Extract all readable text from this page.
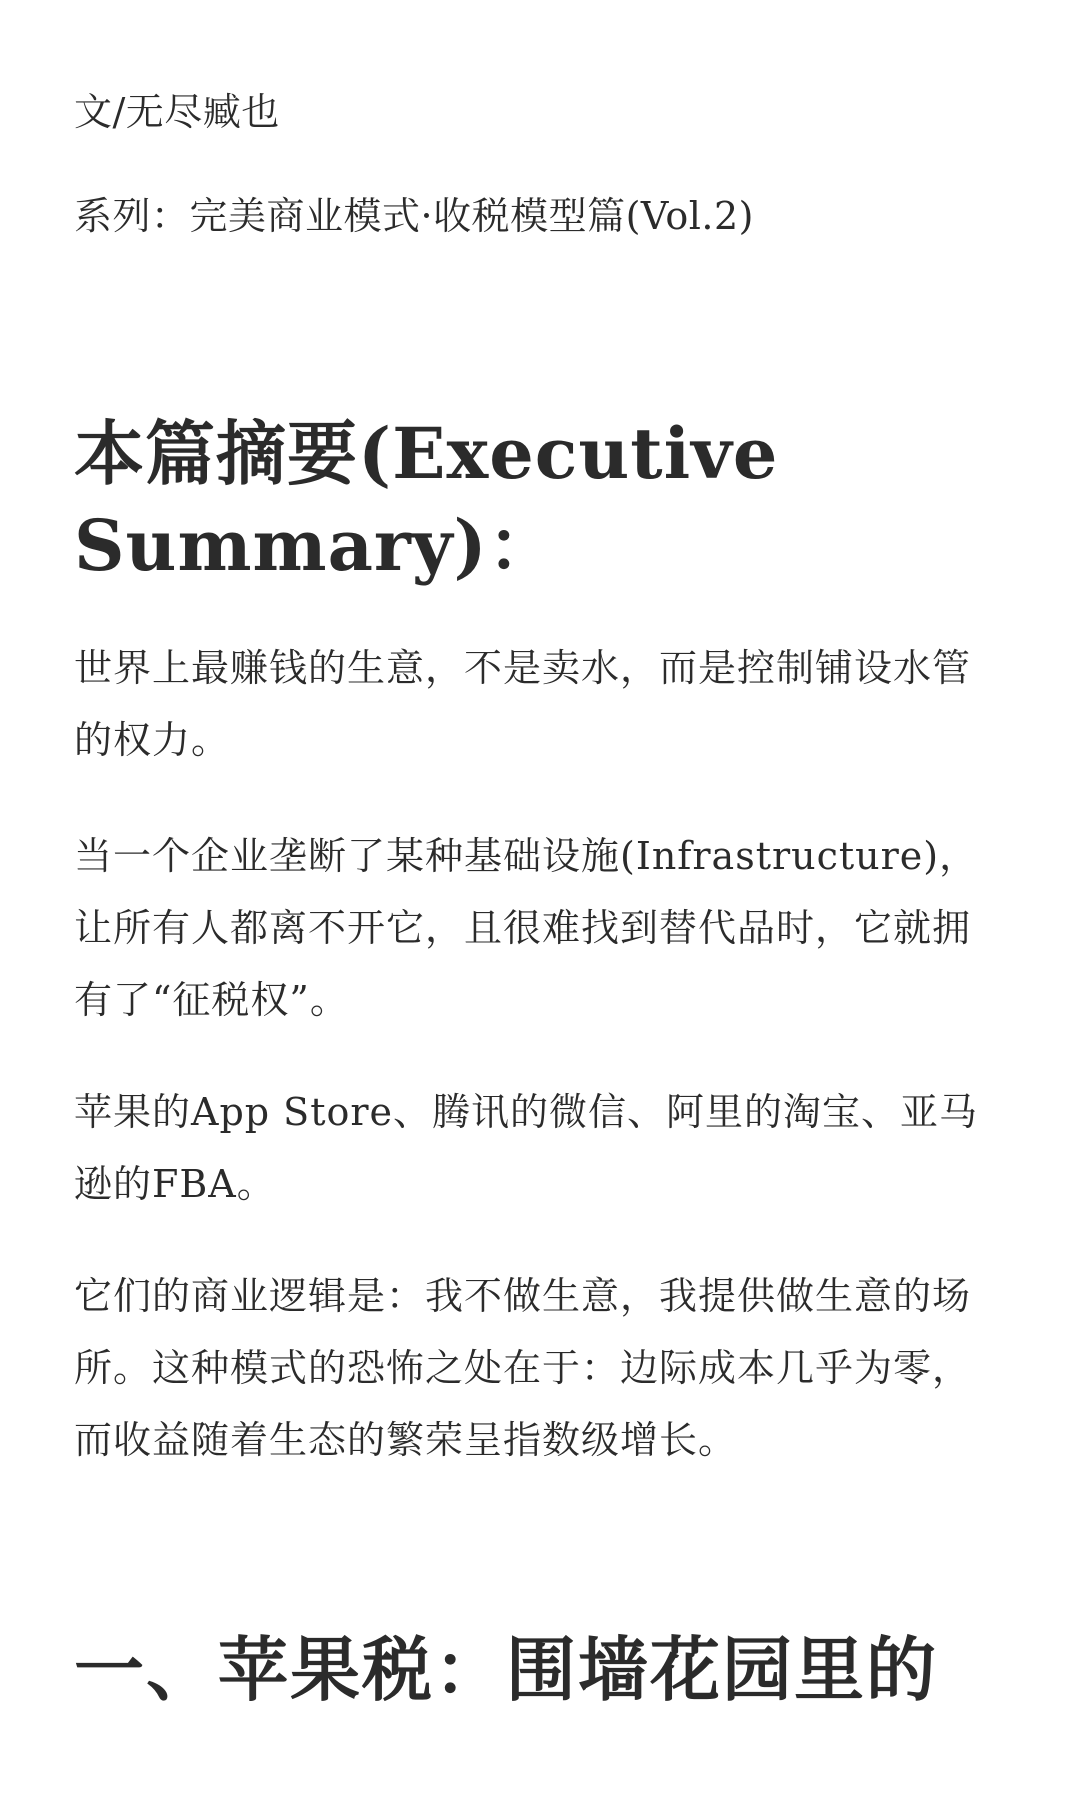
文/无尽臧也
系列：完美商业模式·收税模型篇(Vol.2)
本篇摘要(Executive Summary)：

世界上最赚钱的生意，不是卖水，而是控制铺设水管的权力。

当一个企业垄断了某种基础设施(Infrastructure)，让所有人都离不开它，且很难找到替代品时，它就拥有了“征税权”。

苹果的App Store、腾讯的微信、阿里的淘宝、亚马逊的FBA。

它们的商业逻辑是：我不做生意，我提供做生意的场所。这种模式的恐怖之处在于：边际成本几乎为零，而收益随着生态的繁荣呈指数级增长。

一、苹果税：围墙花园里的
